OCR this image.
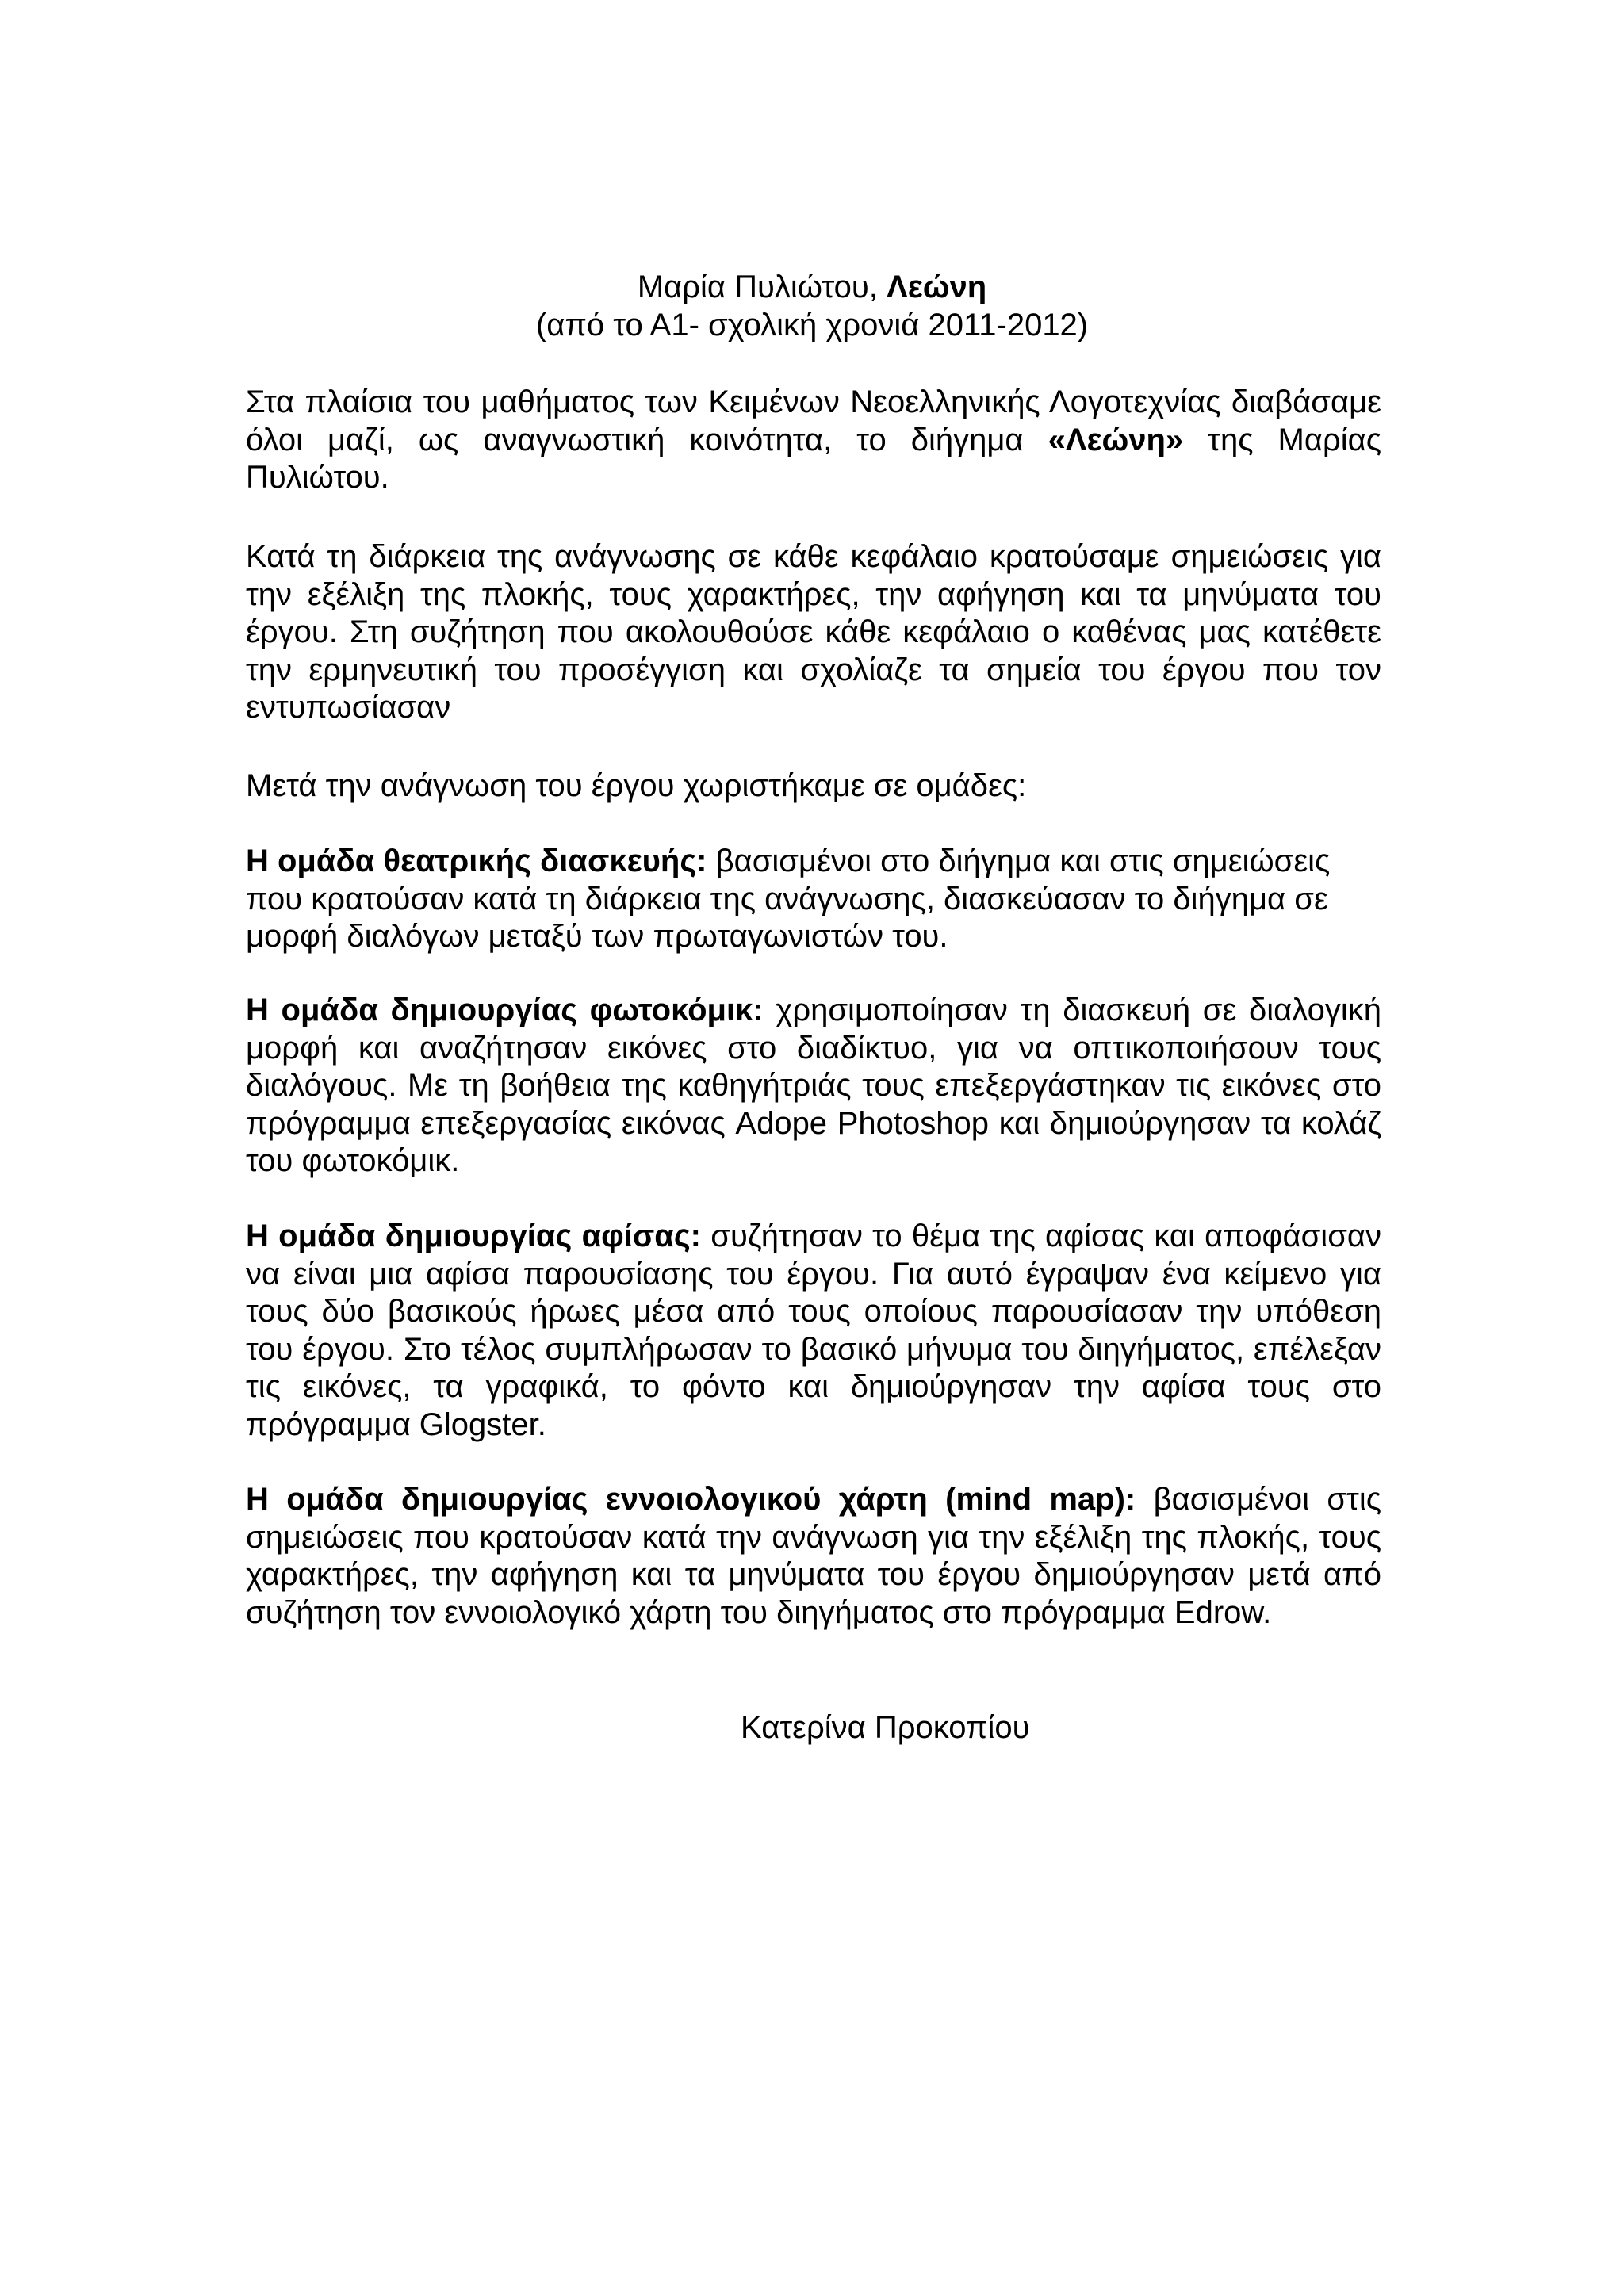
Μαρία Πυλιώτου, Λεώνη
(από το Α1- σχολική χρονιά 2011-2012)

Στα πλαίσια του μαθήματος των Κειμένων Νεοελληνικής Λογοτεχνίας διαβάσαμε όλοι μαζί, ως αναγνωστική κοινότητα, το διήγημα «Λεώνη» της Μαρίας Πυλιώτου.

Κατά τη διάρκεια της ανάγνωσης σε κάθε κεφάλαιο κρατούσαμε σημειώσεις για την εξέλιξη της πλοκής, τους χαρακτήρες, την αφήγηση και τα μηνύματα του έργου. Στη συζήτηση που ακολουθούσε κάθε κεφάλαιο ο καθένας μας κατέθετε την ερμηνευτική του προσέγγιση και σχολίαζε τα σημεία του έργου που τον εντυπωσίασαν

Μετά την ανάγνωση του έργου χωριστήκαμε σε ομάδες:

Η ομάδα θεατρικής διασκευής: βασισμένοι στο διήγημα και στις σημειώσεις που κρατούσαν κατά τη διάρκεια της ανάγνωσης, διασκεύασαν το διήγημα σε μορφή διαλόγων μεταξύ των πρωταγωνιστών του.

Η ομάδα δημιουργίας φωτοκόμικ: χρησιμοποίησαν τη διασκευή σε διαλογική μορφή και αναζήτησαν εικόνες στο διαδίκτυο, για να οπτικοποιήσουν τους διαλόγους. Με τη βοήθεια της καθηγήτριάς τους επεξεργάστηκαν τις εικόνες στο πρόγραμμα επεξεργασίας εικόνας Adope Photoshop και δημιούργησαν τα κολάζ του φωτοκόμικ.

Η ομάδα δημιουργίας αφίσας: συζήτησαν το θέμα της αφίσας και αποφάσισαν να είναι μια αφίσα παρουσίασης του έργου. Για αυτό έγραψαν ένα κείμενο για τους δύο βασικούς ήρωες μέσα από τους οποίους παρουσίασαν την υπόθεση του έργου. Στο τέλος συμπλήρωσαν το βασικό μήνυμα του διηγήματος, επέλεξαν τις εικόνες, τα γραφικά, το φόντο και δημιούργησαν την αφίσα τους στο πρόγραμμα Glogster.

Η ομάδα δημιουργίας εννοιολογικού χάρτη (mind map): βασισμένοι στις σημειώσεις που κρατούσαν κατά την ανάγνωση για την εξέλιξη της πλοκής, τους χαρακτήρες, την αφήγηση και τα μηνύματα του έργου δημιούργησαν μετά από συζήτηση τον εννοιολογικό χάρτη του διηγήματος στο πρόγραμμα Edrow.

Κατερίνα Προκοπίου
